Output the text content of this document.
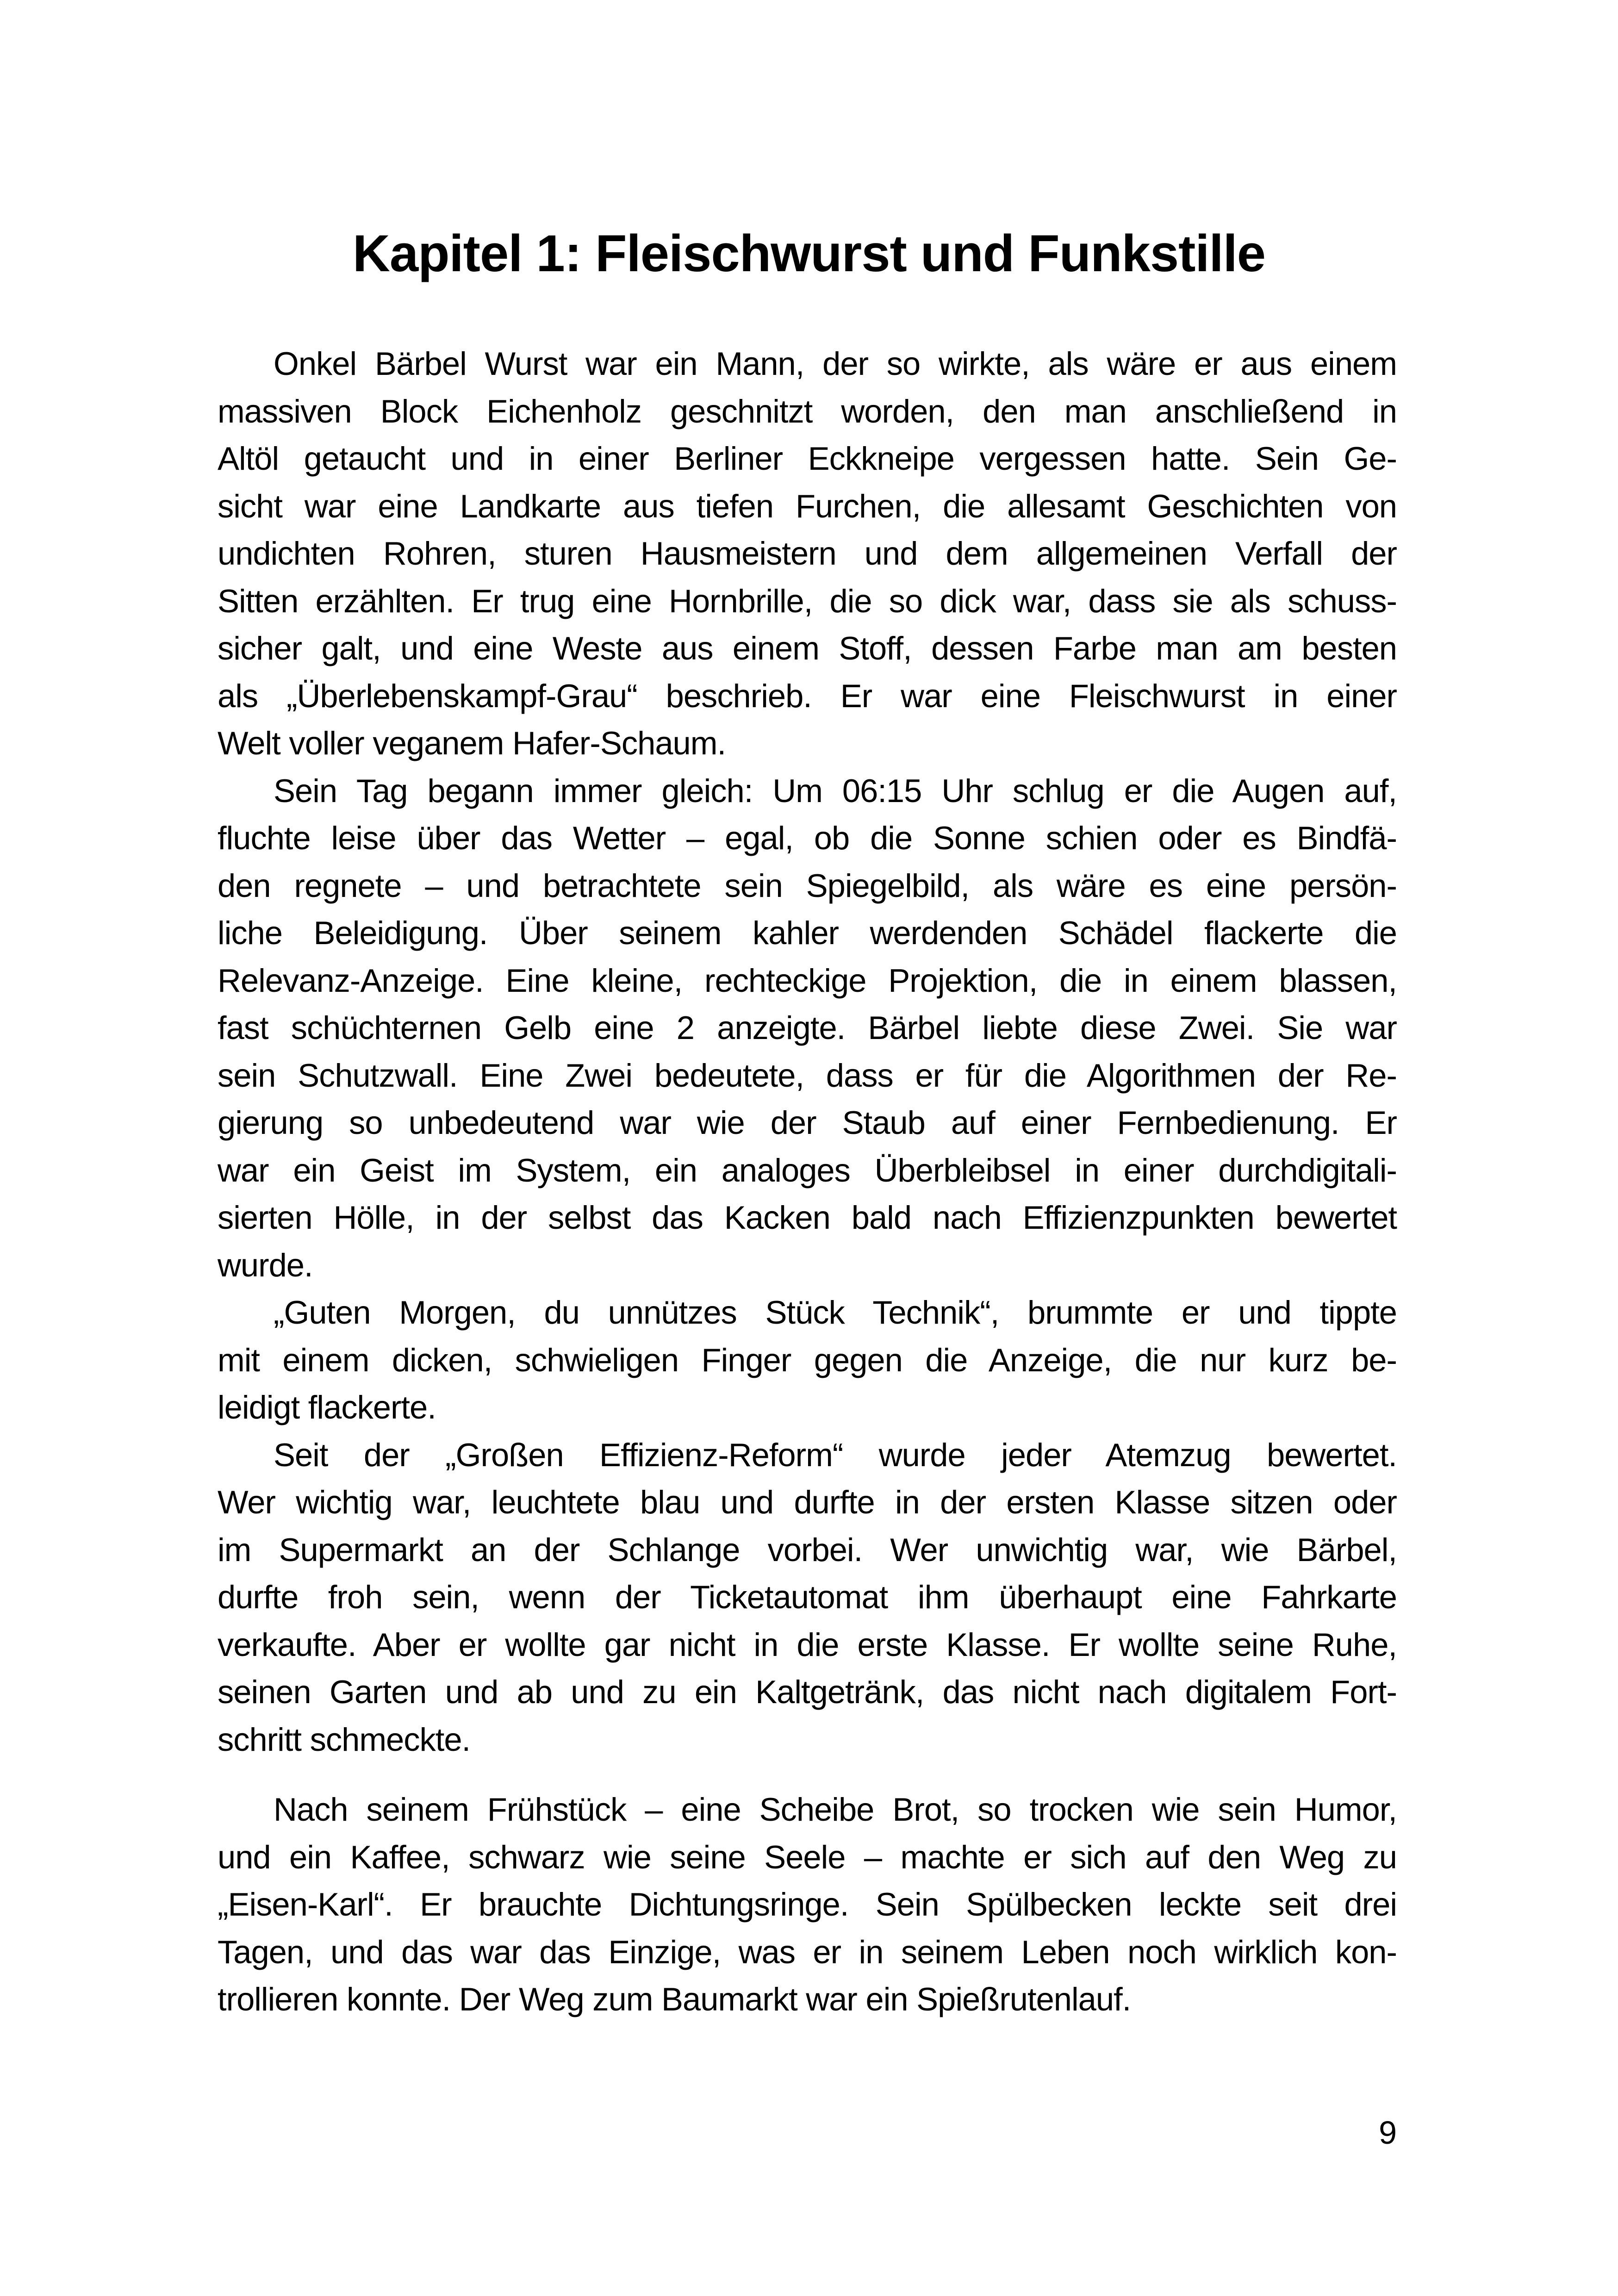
Kapitel 1: Fleischwurst und Funkstille
Onkel Bärbel Wurst war ein Mann, der so wirkte, als wäre er aus einem
massiven Block Eichenholz geschnitzt worden, den man anschließend in
Altöl getaucht und in einer Berliner Eckkneipe vergessen hatte. Sein Ge-
sicht war eine Landkarte aus tiefen Furchen, die allesamt Geschichten von
undichten Rohren, sturen Hausmeistern und dem allgemeinen Verfall der
Sitten erzählten. Er trug eine Hornbrille, die so dick war, dass sie als schuss-
sicher galt, und eine Weste aus einem Stoff, dessen Farbe man am besten
als „Überlebenskampf-Grau“ beschrieb. Er war eine Fleischwurst in einer
Welt voller veganem Hafer-Schaum.
Sein Tag begann immer gleich: Um 06:15 Uhr schlug er die Augen auf,
fluchte leise über das Wetter – egal, ob die Sonne schien oder es Bindfä-
den regnete – und betrachtete sein Spiegelbild, als wäre es eine persön-
liche Beleidigung. Über seinem kahler werdenden Schädel flackerte die
Relevanz-Anzeige. Eine kleine, rechteckige Projektion, die in einem blassen,
fast schüchternen Gelb eine 2 anzeigte. Bärbel liebte diese Zwei. Sie war
sein Schutzwall. Eine Zwei bedeutete, dass er für die Algorithmen der Re-
gierung so unbedeutend war wie der Staub auf einer Fernbedienung. Er
war ein Geist im System, ein analoges Überbleibsel in einer durchdigitali-
sierten Hölle, in der selbst das Kacken bald nach Effizienzpunkten bewertet
wurde.
„Guten Morgen, du unnützes Stück Technik“, brummte er und tippte
mit einem dicken, schwieligen Finger gegen die Anzeige, die nur kurz be-
leidigt flackerte.
Seit der „Großen Effizienz-Reform“ wurde jeder Atemzug bewertet.
Wer wichtig war, leuchtete blau und durfte in der ersten Klasse sitzen oder
im Supermarkt an der Schlange vorbei. Wer unwichtig war, wie Bärbel,
durfte froh sein, wenn der Ticketautomat ihm überhaupt eine Fahrkarte
verkaufte. Aber er wollte gar nicht in die erste Klasse. Er wollte seine Ruhe,
seinen Garten und ab und zu ein Kaltgetränk, das nicht nach digitalem Fort-
schritt schmeckte.
Nach seinem Frühstück – eine Scheibe Brot, so trocken wie sein Humor,
und ein Kaffee, schwarz wie seine Seele – machte er sich auf den Weg zu
„Eisen-Karl“. Er brauchte Dichtungsringe. Sein Spülbecken leckte seit drei
Tagen, und das war das Einzige, was er in seinem Leben noch wirklich kon-
trollieren konnte. Der Weg zum Baumarkt war ein Spießrutenlauf.
9
